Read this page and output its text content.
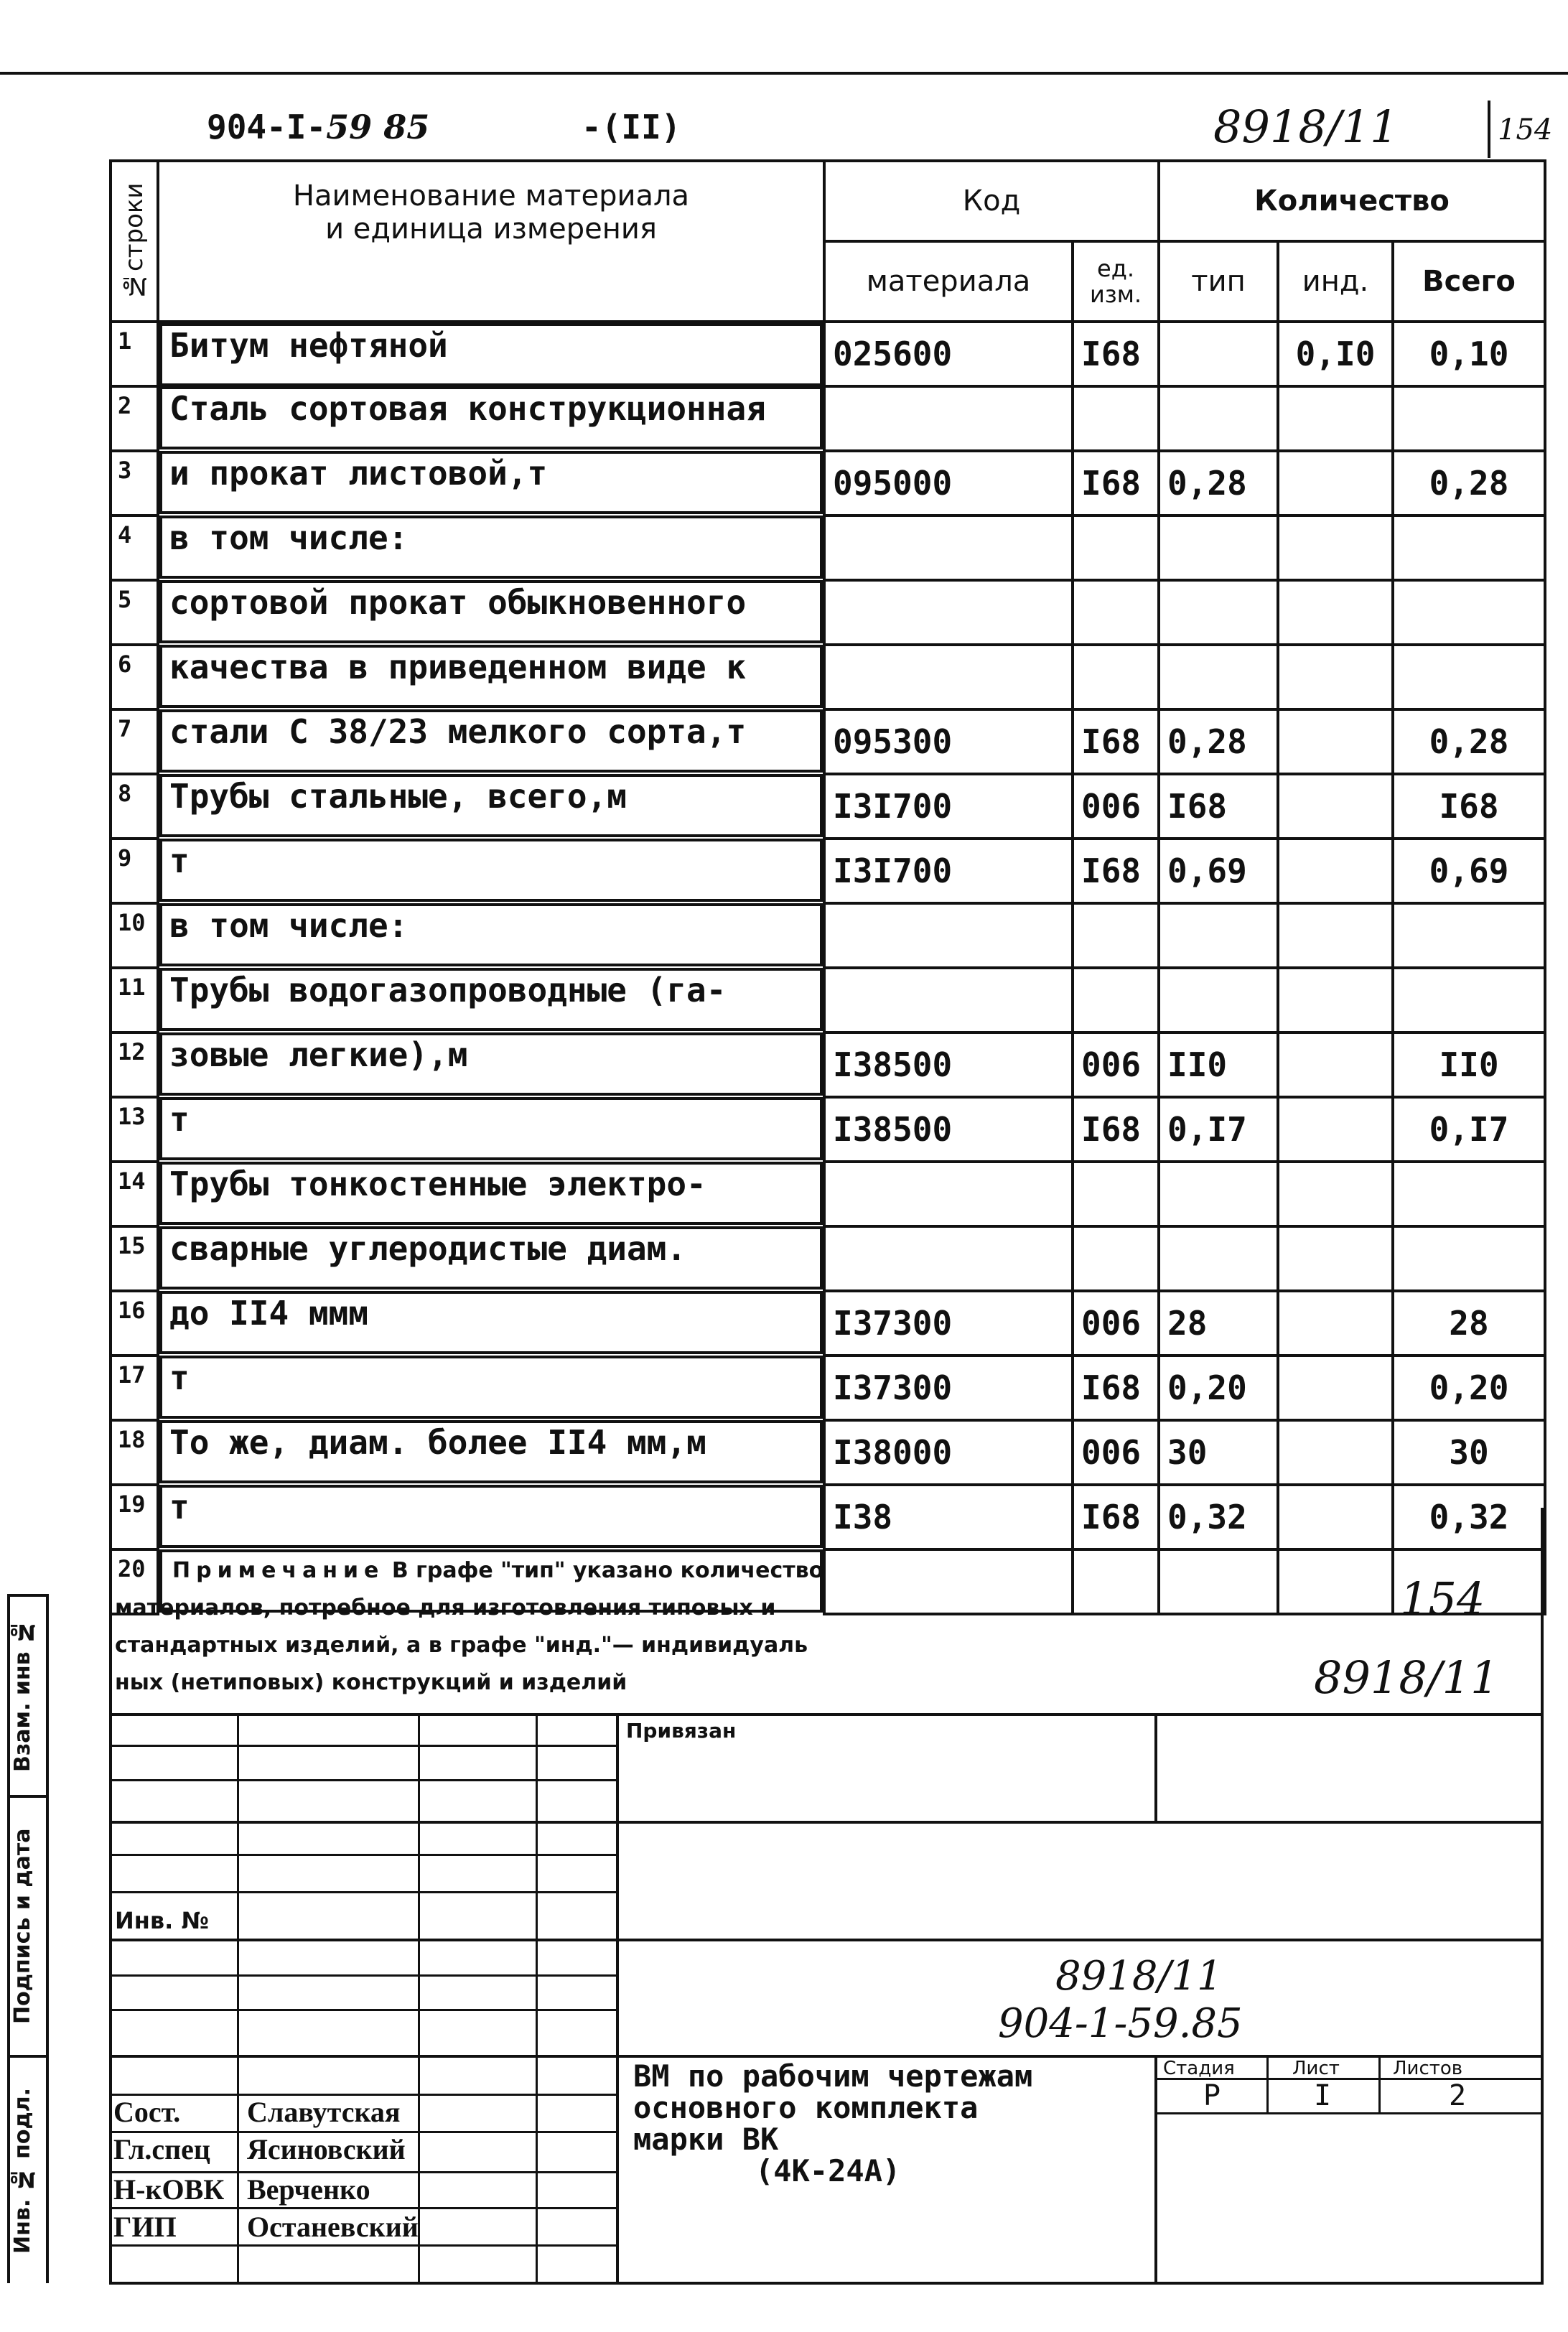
904-I-59 85	-(II)	8918/11	154
№строки	Наименование материала
и единица измерения	Код		Количество		
		материала	ед. изм.	тип	инд.	Всего
1	Битум нефтяной	025600	I68		0,I0	0,10
2	Сталь сортовая конструкционная

3	и прокат листовой, т	095000	I68	0,28		0,28
4	в том числе:

5	сортовой прокат обыкновенного

6	качества в приведенном виде к

7	стали С 38/23 мелкого сорта,т	095300	I68	0,28		0,28
8	Трубы стальные, всего, м	I3I700	006	I68		I68
9	т	I3I700	I68	0,69		0,69
10	в том числе:

11	Трубы водогазопроводные (га-

12	зовые легкие), м	I38500	006	II0		II0
13	т	I38500	I68	0,I7		0,I7
14	Трубы тонкостенные электро-

15	сварные углеродистые диам.

16	до II4 мм м	I37300	006	28		28
17	т	I37300	I68	0,20		0,20
18	То же, диам. более II4 мм, м	I38000	006	30		30
19	т	I38	I68	0,32		0,32
20	
					Примечание В графе "тип" указано количество
материалов, потребное для изготовления типовых и
стандартных изделий, а в графе "инд."— индивидуаль
ных (нетиповых) конструкций и изделий
154
8918/11
Привязан
Инв. №
8918/11
904-1-59.85
ВМ по рабочим чертежам
основного комплекта
марки ВК
(4К-24А)
Стадия	Лист	Листов
Р	I	2
Сост. Славутская
Гл.спец Ясиновский
Н-кОВК Верченко
ГИП Останевский
Взам. инв №
Подпись и дата
Инв. № подл.
